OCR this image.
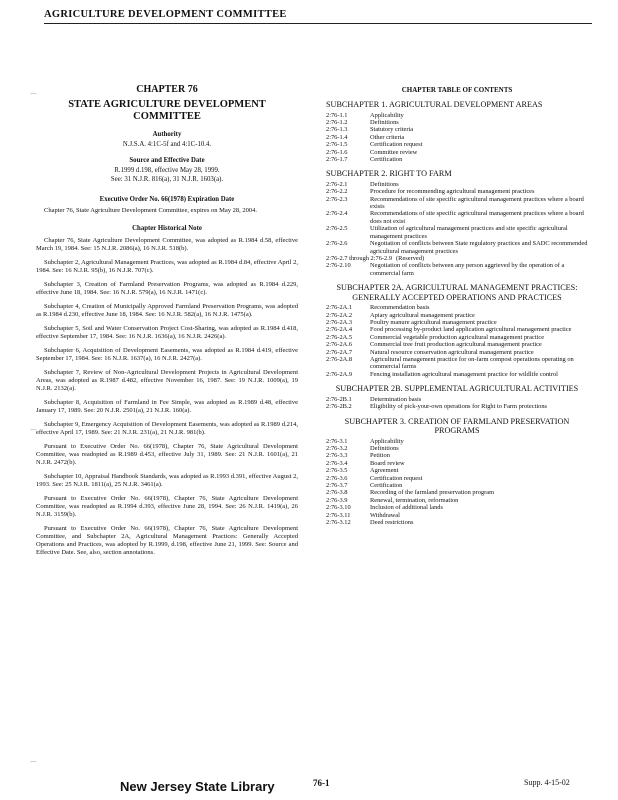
AGRICULTURE DEVELOPMENT COMMITTEE
CHAPTER 76
STATE AGRICULTURE DEVELOPMENT
COMMITTEE
Authority
N.J.S.A. 4:1C-5f and 4:1C-10.4.
Source and Effective Date
R.1999 d.198, effective May 28, 1999.
See: 31 N.J.R. 816(a), 31 N.J.R. 1603(a).
Executive Order No. 66(1978) Expiration Date

Chapter 76, State Agriculture Development Committee, expires on May 28, 2004.

Chapter Historical Note

Chapter 76, State Agriculture Development Committee, was adopted as R.1984 d.58, effective March 19, 1984. See: 15 N.J.R. 2086(a), 16 N.J.R. 518(b).

Subchapter 2, Agricultural Management Practices, was adopted as R.1984 d.84, effective April 2, 1984. See: 16 N.J.R. 95(b), 16 N.J.R. 707(c).

Subchapter 3, Creation of Farmland Preservation Programs, was adopted as R.1984 d.229, effective June 18, 1984. See: 16 N.J.R. 579(a), 16 N.J.R. 1471(c).

Subchapter 4, Creation of Municipally Approved Farmland Preservation Programs, was adopted as R.1984 d.230, effective June 18, 1984. See: 16 N.J.R. 582(a), 16 N.J.R. 1475(a).

Subchapter 5, Soil and Water Conservation Project Cost-Sharing, was adopted as R.1984 d.418, effective September 17, 1984. See: 16 N.J.R. 1636(a), 16 N.J.R. 2426(a).

Subchapter 6, Acquisition of Development Easements, was adopted as R.1984 d.419, effective September 17, 1984. See: 16 N.J.R. 1637(a), 16 N.J.R. 2427(a).

Subchapter 7, Review of Non-Agricultural Development Projects in Agricultural Development Areas, was adopted as R.1987 d.482, effective November 16, 1987. See: 19 N.J.R. 1009(a), 19 N.J.R. 2132(a).

Subchapter 8, Acquisition of Farmland in Fee Simple, was adopted as R.1989 d.48, effective January 17, 1989. See: 20 N.J.R. 2501(a), 21 N.J.R. 160(a).

Subchapter 9, Emergency Acquisition of Development Easements, was adopted as R.1989 d.214, effective April 17, 1989. See: 21 N.J.R. 231(a), 21 N.J.R. 981(b).

Pursuant to Executive Order No. 66(1978), Chapter 76, State Agricultural Development Committee, was readopted as R.1989 d.453, effective July 31, 1989. See: 21 N.J.R. 1601(a), 21 N.J.R. 2472(b).

Subchapter 10, Appraisal Handbook Standards, was adopted as R.1993 d.391, effective August 2, 1993. See: 25 N.J.R. 1811(a), 25 N.J.R. 3461(a).

Pursuant to Executive Order No. 66(1978), Chapter 76, State Agriculture Development Committee, was readopted as R.1994 d.393, effective June 28, 1994. See: 26 N.J.R. 1419(a), 26 N.J.R. 3159(b).

Pursuant to Executive Order No. 66(1978), Chapter 76, State Agriculture Development Committee, and Subchapter 2A, Agricultural Management Practices: Generally Accepted Operations and Practices, was adopted by R.1999, d.198, effective June 21, 1999. See: Source and Effective Date. See, also, section annotations.

CHAPTER TABLE OF CONTENTS
SUBCHAPTER 1. AGRICULTURAL DEVELOPMENT AREAS
2:76-1.1	Applicability
2:76-1.2	Definitions
2:76-1.3	Statutory criteria
2:76-1.4	Other criteria
2:76-1.5	Certification request
2:76-1.6	Committee review
2:76-1.7	Certification
SUBCHAPTER 2. RIGHT TO FARM
2:76-2.1	Definitions
2:76-2.2	Procedure for recommending agricultural management practices
2:76-2.3	Recommendations of site specific agricultural management practices where a board exists
2:76-2.4	Recommendations of site specific agricultural management practices where a board does not exist
2:76-2.5	Utilization of agricultural management practices and site specific agricultural management practices
2:76-2.6	Negotiation of conflicts between State regulatory practices and SADC recommended agricultural management practices
2:76-2.7 through 2:76-2.9 (Reserved)
2:76-2.10	Negotiation of conflicts between any person aggrieved by the operation of a commercial farm
SUBCHAPTER 2A. AGRICULTURAL MANAGEMENT PRACTICES: GENERALLY ACCEPTED OPERATIONS AND PRACTICES
2:76-2A.1	Recommendation basis
2:76-2A.2	Apiary agricultural management practice
2:76-2A.3	Poultry manure agricultural management practice
2:76-2A.4	Food processing by-product land application agricultural management practice
2:76-2A.5	Commercial vegetable production agricultural management practice
2:76-2A.6	Commercial tree fruit production agricultural management practice
2:76-2A.7	Natural resource conservation agricultural management practice
2:76-2A.8	Agricultural management practice for on-farm compost operations operating on commercial farms
2:76-2A.9	Fencing installation agricultural management practice for wildlife control
SUBCHAPTER 2B. SUPPLEMENTAL AGRICULTURAL ACTIVITIES
2:76-2B.1	Determination basis
2:76-2B.2	Eligibility of pick-your-own operations for Right to Farm protections
SUBCHAPTER 3. CREATION OF FARMLAND PRESERVATION PROGRAMS
2:76-3.1	Applicability
2:76-3.2	Definitions
2:76-3.3	Petition
2:76-3.4	Board review
2:76-3.5	Agreement
2:76-3.6	Certification request
2:76-3.7	Certification
2:76-3.8	Recording of the farmland preservation program
2:76-3.9	Renewal, termination, reformation
2:76-3.10	Inclusion of additional lands
2:76-3.11	Withdrawal
2:76-3.12	Deed restrictions
New Jersey State Library	76-1	Supp. 4-15-02
⌒
⌒
⌒
